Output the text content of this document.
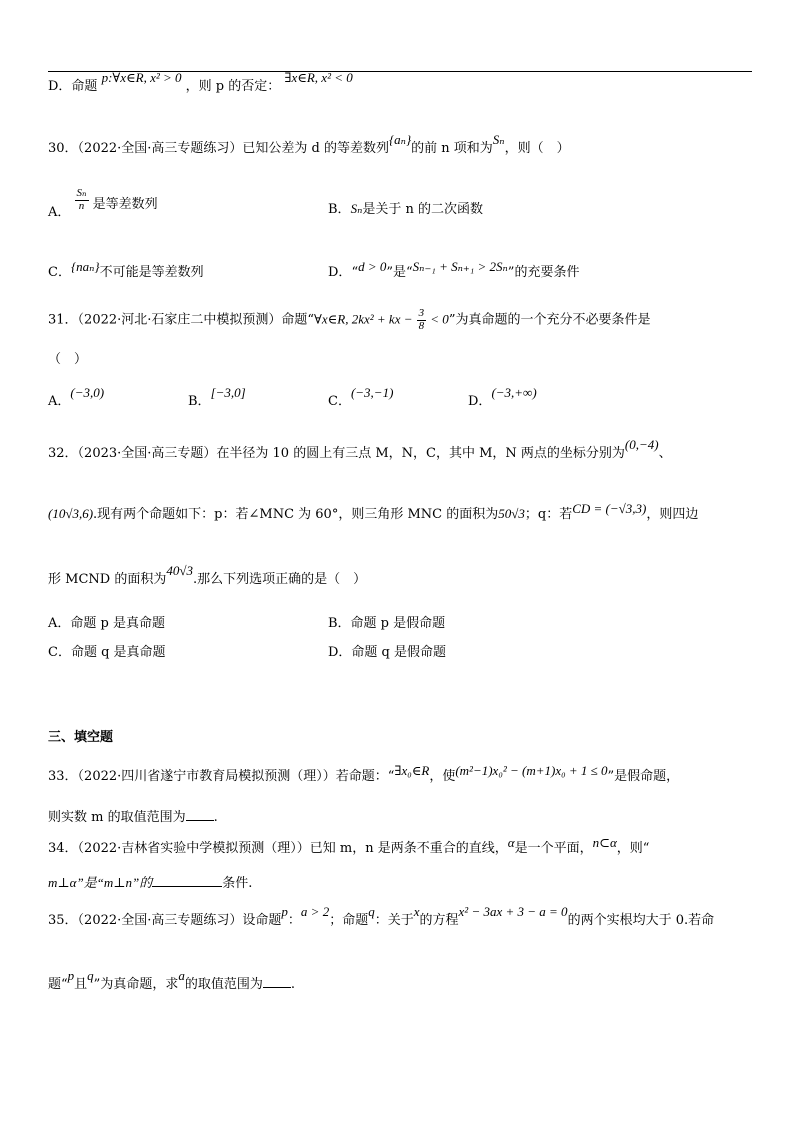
D．命题 p:∀x∈R, x² > 0 ，则 p 的否定： ∃x∈R, x² < 0
30．（2022·全国·高三专题练习）已知公差为 d 的等差数列{aₙ}的前 n 项和为Sₙ，则（　）
A． $\frac{\text{Sₙ}}{n}$ 是等差数列	B．Sₙ是关于 n 的二次函数
C．{naₙ}不可能是等差数列	D．“d > 0”是“Sₙ₋₁ + Sₙ₊₁ > 2Sₙ”的充要条件
31．（2022·河北·石家庄二中模拟预测）命题“∀x∈R, 2kx² + kx − $\frac{3}{8} < 0$”为真命题的一个充分不必要条件是
（　）
A．(−3,0)
B．[−3,0]
C．(−3,−1)
D．(−3,+∞)
32．（2023·全国·高三专题）在半径为 10 的圆上有三点 M，N，C，其中 M，N 两点的坐标分别为(0,−4)、
(10√3,6).现有两个命题如下：p：若∠MNC 为 60°，则三角形 MNC 的面积为50√3；q：若CD = (−√3,3)，则四边
形 MCND 的面积为40√3.那么下列选项正确的是（　）
A．命题 p 是真命题	B．命题 p 是假命题
C．命题 q 是真命题	D．命题 q 是假命题
三、填空题
33．（2022·四川省遂宁市教育局模拟预测（理））若命题：“∃x₀∈R，使(m²−1)x₀² − (m+1)x₀ + 1 ≤ 0”是假命题，
则实数 m 的取值范围为 .
34．（2022·吉林省实验中学模拟预测（理））已知 m，n 是两条不重合的直线，α是一个平面，n⊂α，则“
m⊥α”是“m⊥n”的	条件.
35．（2022·全国·高三专题练习）设命题p：a > 2；命题q：关于x的方程x² − 3ax + 3 − a = 0的两个实根均大于 0.若命
题“p且q”为真命题，求a的取值范围为 .
